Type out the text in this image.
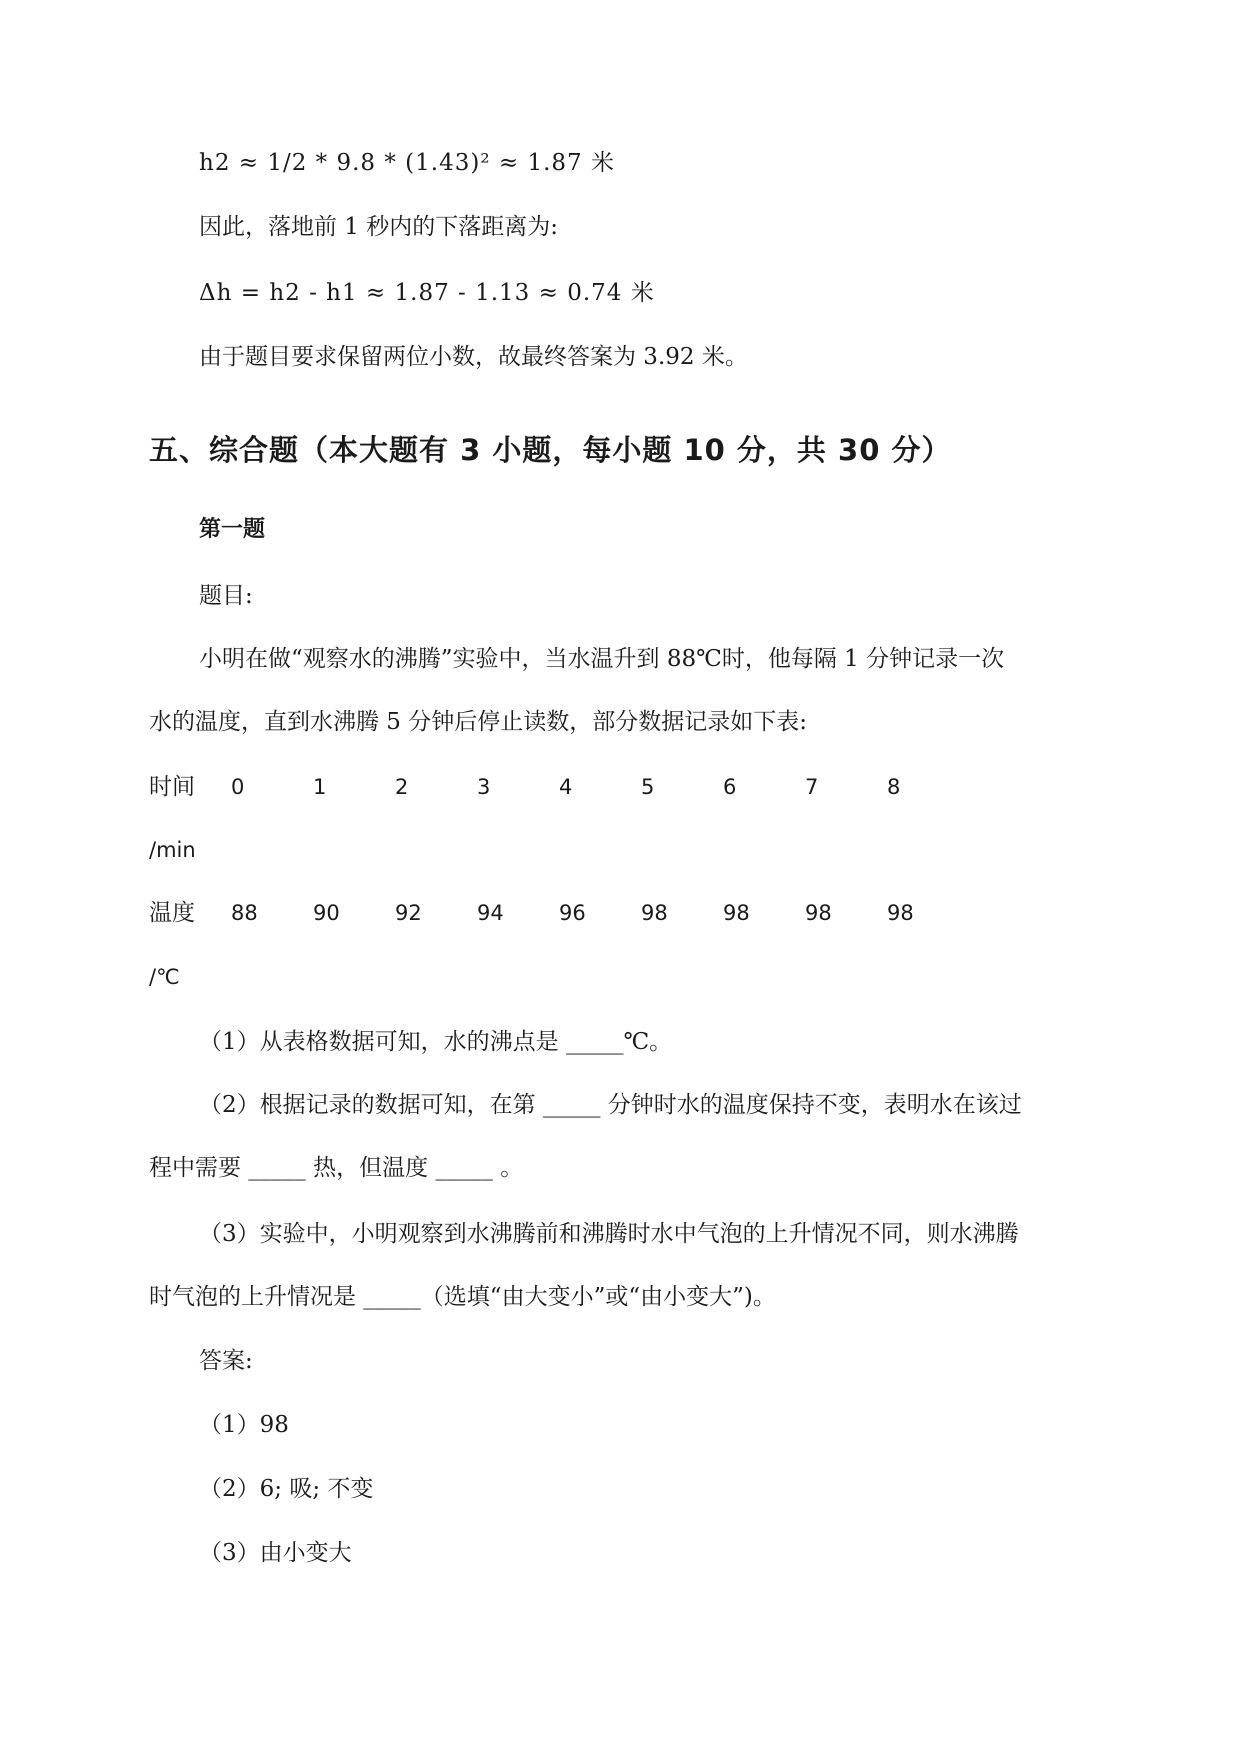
h2 ≈ 1/2 * 9.8 * (1.43)² ≈ 1.87 米
因此，落地前 1 秒内的下落距离为:
Δh = h2 - h1 ≈ 1.87 - 1.13 ≈ 0.74 米
由于题目要求保留两位小数，故最终答案为 3.92 米。
五、综合题（本大题有 3 小题，每小题 10 分，共 30 分）
第一题
题目:
小明在做“观察水的沸腾”实验中，当水温升到 88℃时，他每隔 1 分钟记录一次
水的温度，直到水沸腾 5 分钟后停止读数，部分数据记录如下表:
时间 0	1	2	3	4	5	6	7	8
/min
温度 88	90	92	94	96	98	98	98	98
/℃
（1）从表格数据可知，水的沸点是 _____℃。
（2）根据记录的数据可知，在第 _____ 分钟时水的温度保持不变，表明水在该过
程中需要 _____ 热，但温度 _____ 。
（3）实验中，小明观察到水沸腾前和沸腾时水中气泡的上升情况不同，则水沸腾
时气泡的上升情况是 _____（选填“由大变小”或“由小变大”)。
答案:
（1）98
（2）6; 吸; 不变
（3）由小变大
